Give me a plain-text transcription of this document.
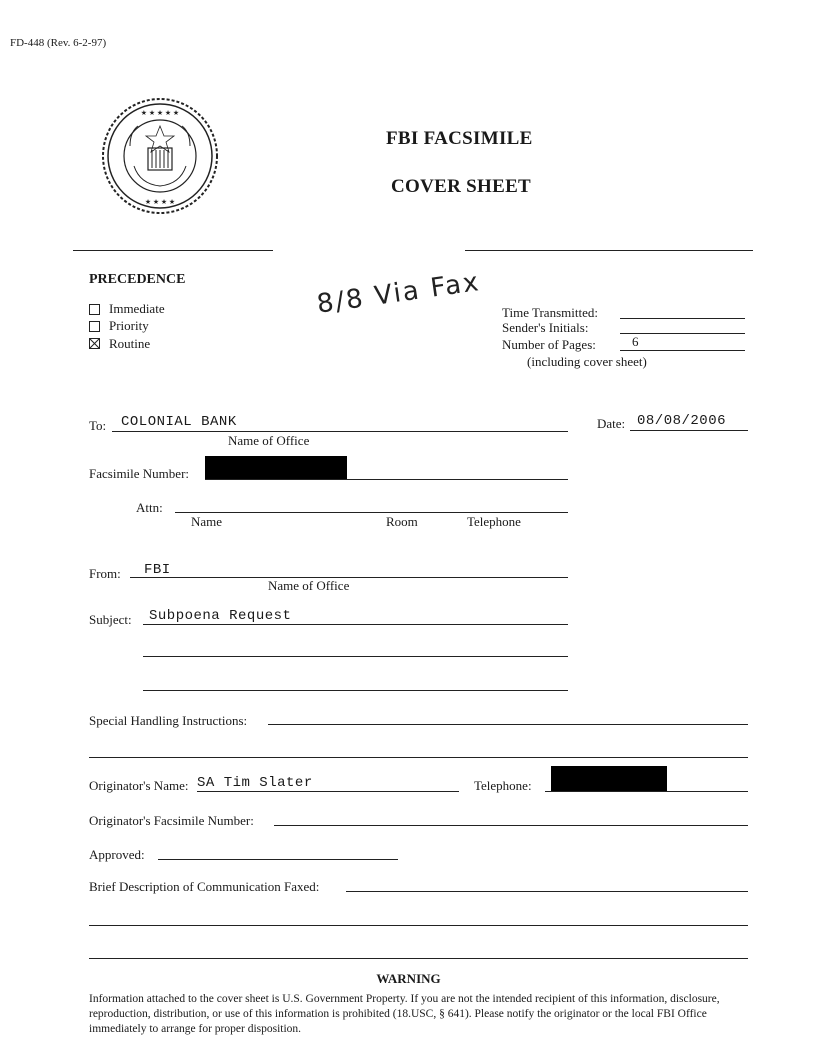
FD-448 (Rev. 6-2-97)
★ ★ ★ ★ ★
★ ★ ★ ★
FBI FACSIMILE
COVER SHEET
8/8 Via Fax
PRECEDENCE
Immediate
Priority
Routine
Time Transmitted:
Sender's Initials:
Number of Pages:	6
(including cover sheet)
To: COLONIAL BANK
Name of Office
Date: 08/08/2006
Facsimile Number:
Attn:
Name	Room	Telephone
From: FBI
Name of Office
Subject: Subpoena Request
Special Handling Instructions:
Originator's Name: SA Tim Slater	Telephone:
Originator's Facsimile Number:
Approved:
Brief Description of Communication Faxed:
WARNING
Information attached to the cover sheet is U.S. Government Property. If you are not the intended recipient of this information, disclosure, reproduction, distribution, or use of this information is prohibited (18.USC, § 641). Please notify the originator or the local FBI Office immediately to arrange for proper disposition.
